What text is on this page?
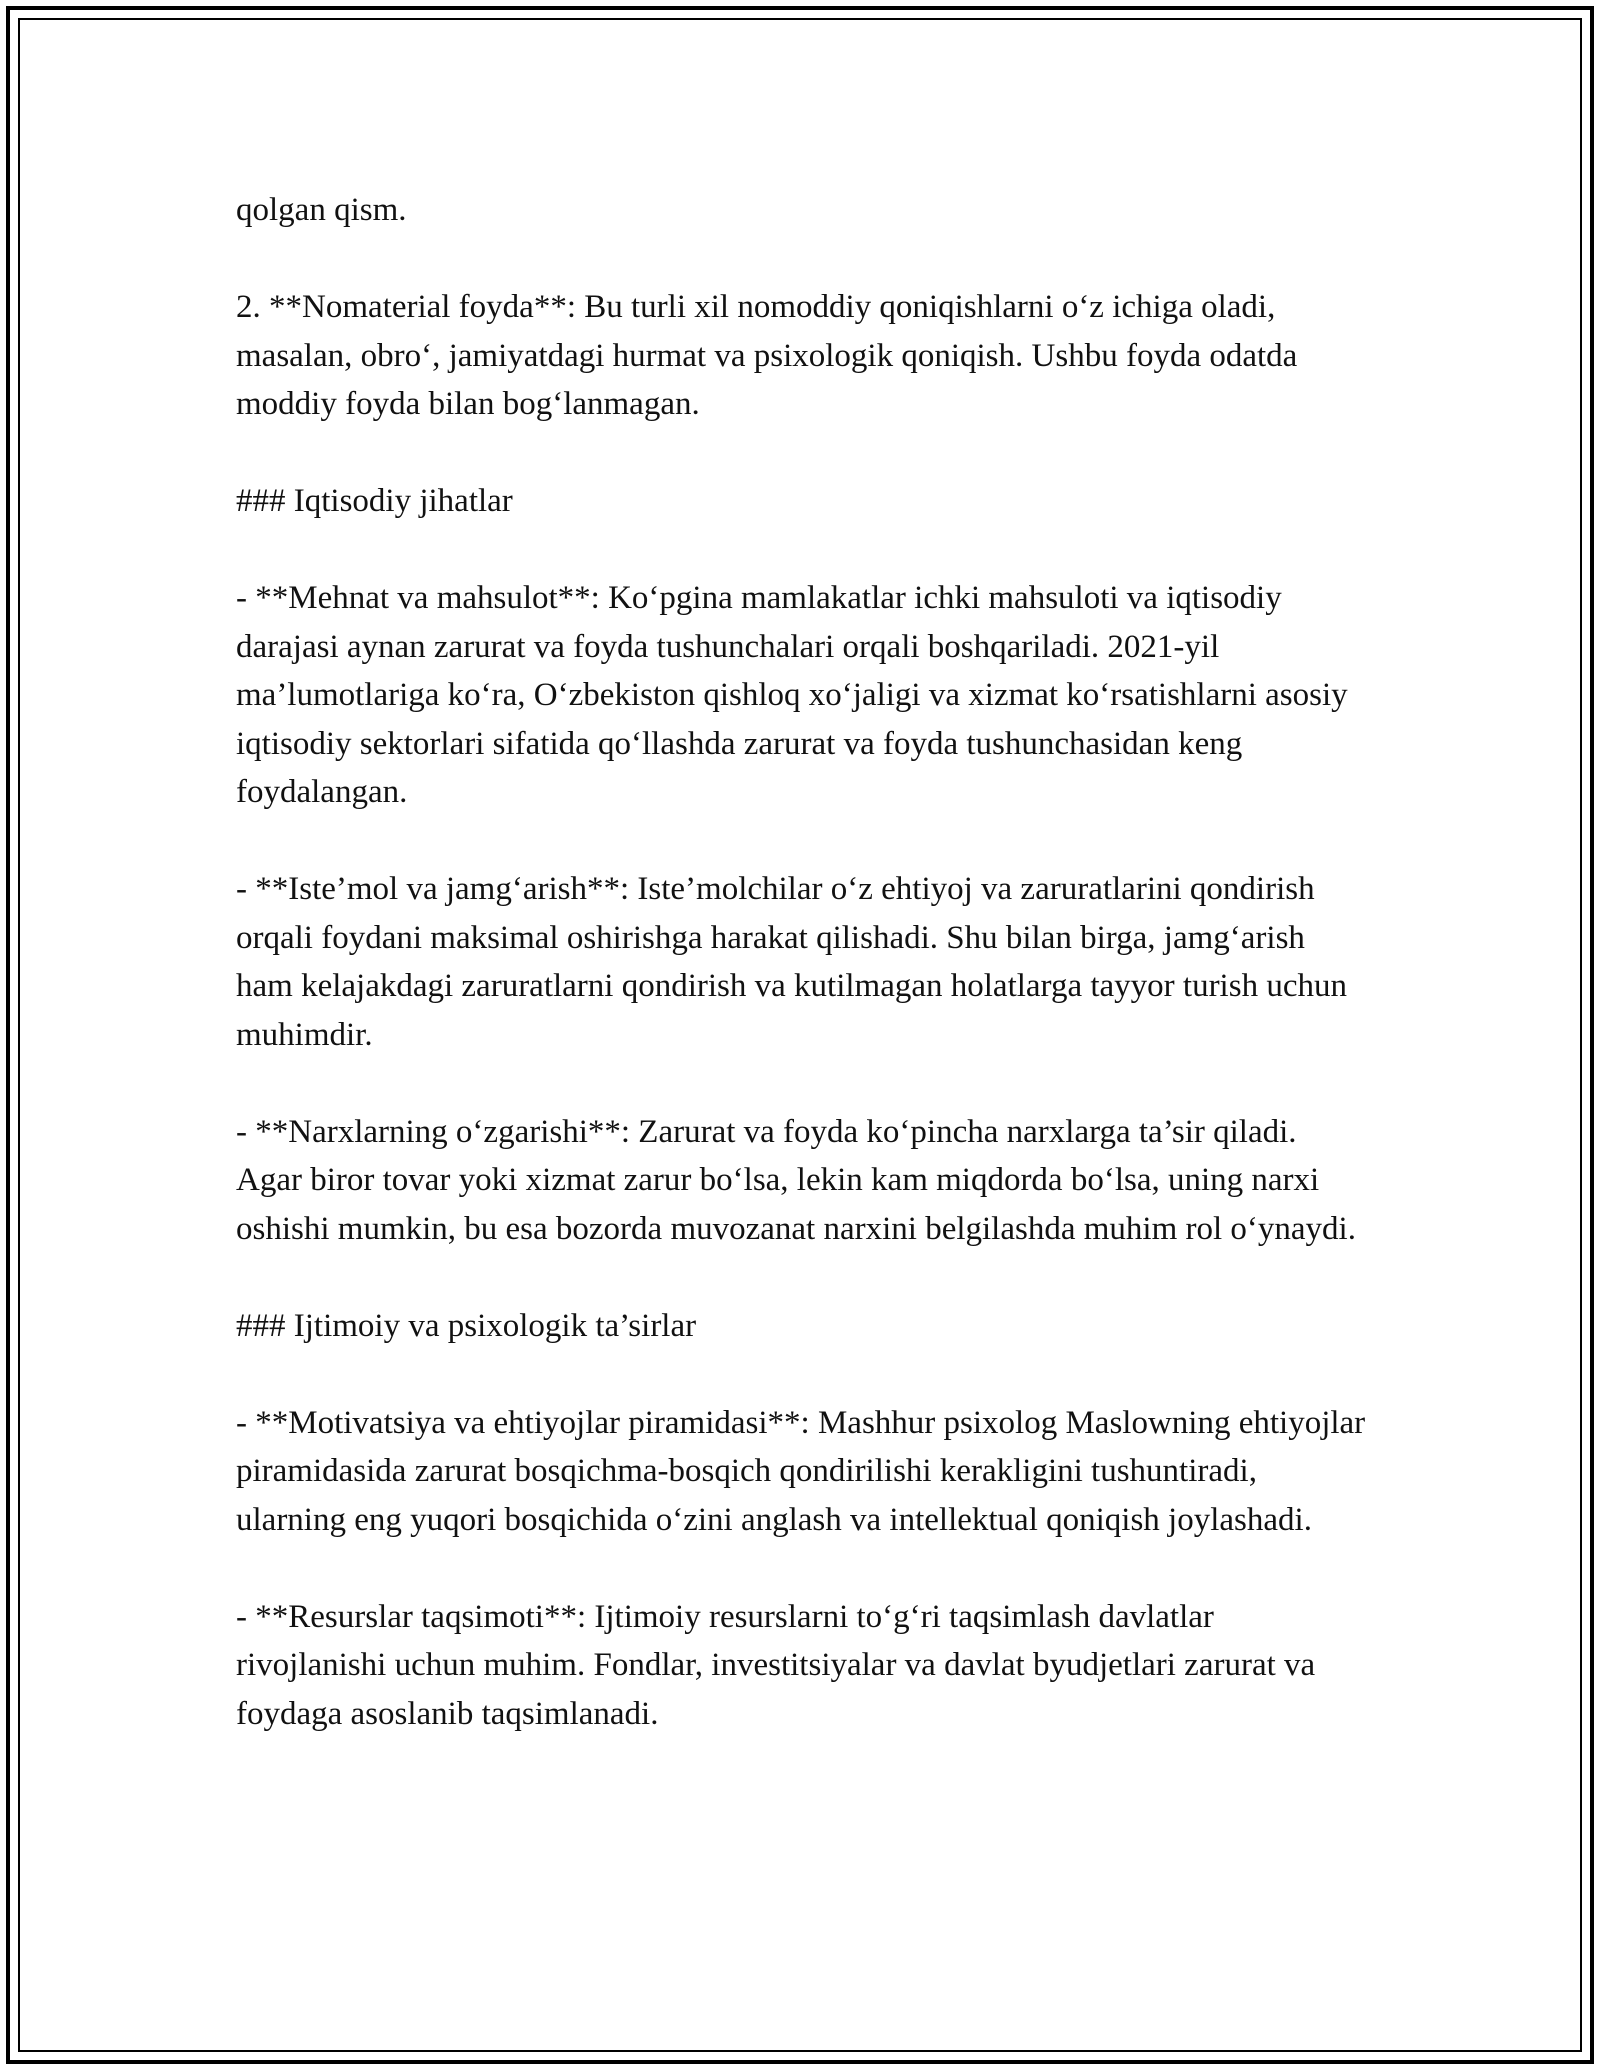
qolgan qism.

2. **Nomaterial foyda**: Bu turli xil nomoddiy qoniqishlarni o‘z ichiga oladi, masalan, obro‘, jamiyatdagi hurmat va psixologik qoniqish. Ushbu foyda odatda moddiy foyda bilan bog‘lanmagan.

### Iqtisodiy jihatlar

- **Mehnat va mahsulot**: Ko‘pgina mamlakatlar ichki mahsuloti va iqtisodiy darajasi aynan zarurat va foyda tushunchalari orqali boshqariladi. 2021-yil ma’lumotlariga ko‘ra, O‘zbekiston qishloq xo‘jaligi va xizmat ko‘rsatishlarni asosiy iqtisodiy sektorlari sifatida qo‘llashda zarurat va foyda tushunchasidan keng foydalangan.

- **Iste’mol va jamg‘arish**: Iste’molchilar o‘z ehtiyoj va zaruratlarini qondirish orqali foydani maksimal oshirishga harakat qilishadi. Shu bilan birga, jamg‘arish ham kelajakdagi zaruratlarni qondirish va kutilmagan holatlarga tayyor turish uchun muhimdir.

- **Narxlarning o‘zgarishi**: Zarurat va foyda ko‘pincha narxlarga ta’sir qiladi. Agar biror tovar yoki xizmat zarur bo‘lsa, lekin kam miqdorda bo‘lsa, uning narxi oshishi mumkin, bu esa bozorda muvozanat narxini belgilashda muhim rol o‘ynaydi.

### Ijtimoiy va psixologik ta’sirlar

- **Motivatsiya va ehtiyojlar piramidasi**: Mashhur psixolog Maslowning ehtiyojlar piramidasida zarurat bosqichma-bosqich qondirilishi kerakligini tushuntiradi, ularning eng yuqori bosqichida o‘zini anglash va intellektual qoniqish joylashadi.

- **Resurslar taqsimoti**: Ijtimoiy resurslarni to‘g‘ri taqsimlash davlatlar rivojlanishi uchun muhim. Fondlar, investitsiyalar va davlat byudjetlari zarurat va foydaga asoslanib taqsimlanadi.
